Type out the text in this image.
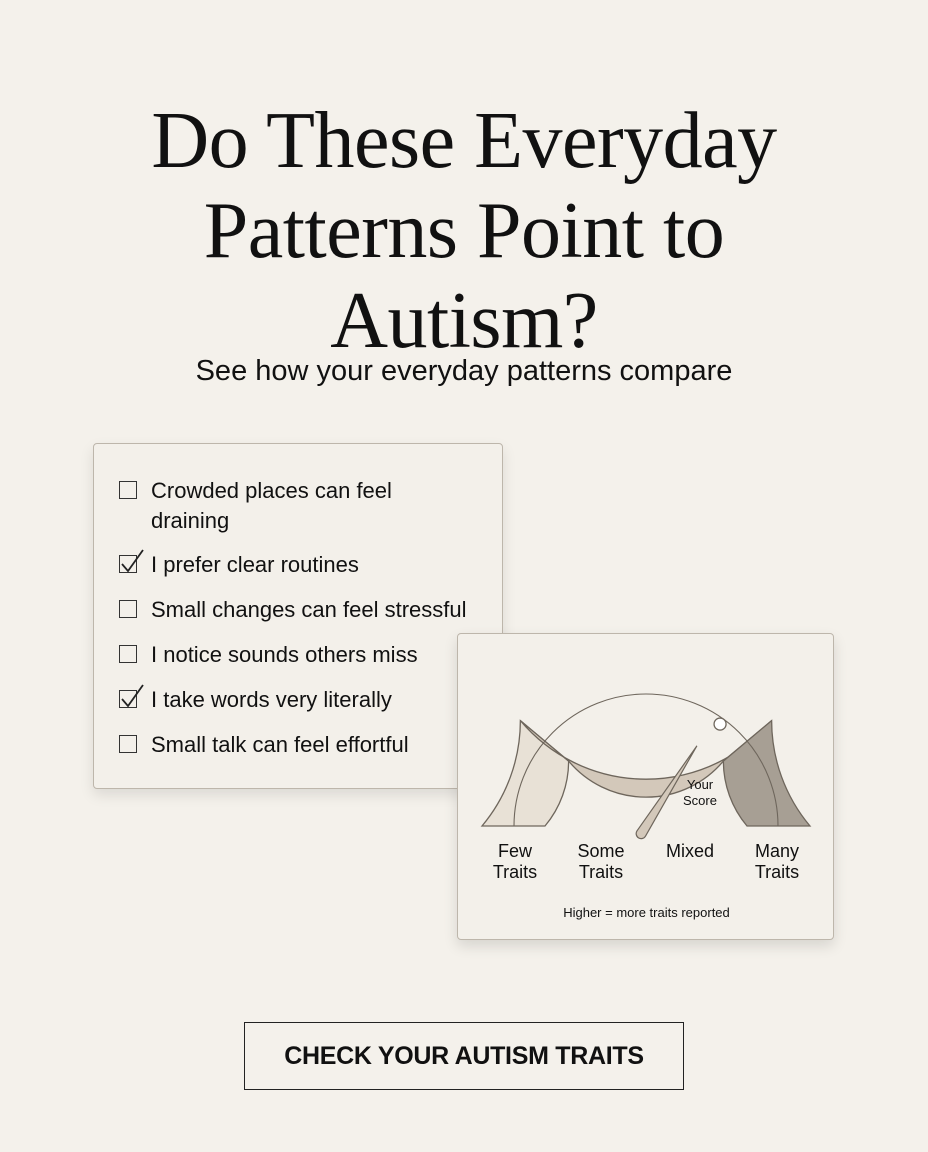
Do These Everyday
Patterns Point to
Autism?

See how your everyday patterns compare

Crowded places can feel draining
I prefer clear routines
Small changes can feel stressful
I notice sounds others miss
I take words very literally
Small talk can feel effortful
Your
Score
Few
Traits
Some
Traits
Mixed	Many
Traits
Higher = more traits reported
CHECK YOUR AUTISM TRAITS
